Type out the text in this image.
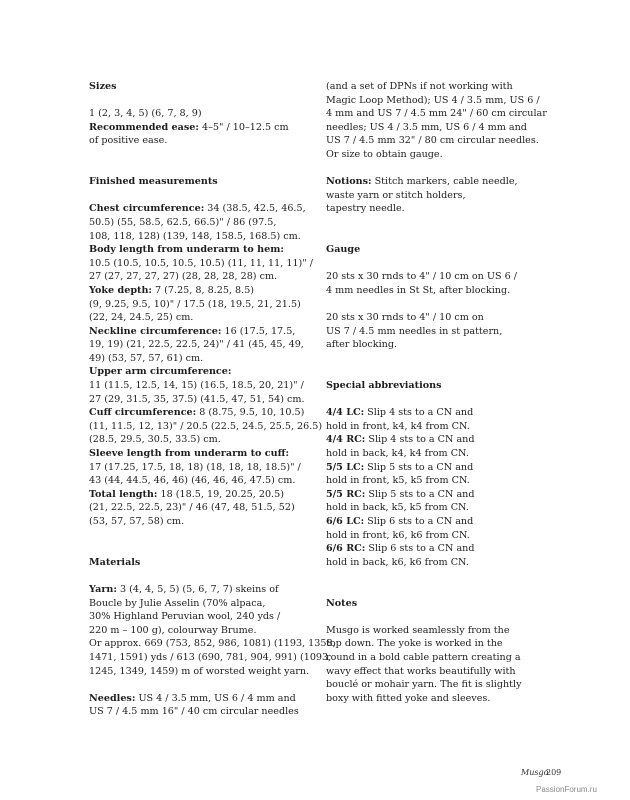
Sizes
1 (2, 3, 4, 5) (6, 7, 8, 9)
Recommended ease: 4–5" / 10–12.5 cm
of positive ease.
Finished measurements
Chest circumference: 34 (38.5, 42.5, 46.5,
50.5) (55, 58.5, 62.5, 66.5)" / 86 (97.5,
108, 118, 128) (139, 148, 158.5, 168.5) cm.
Body length from underarm to hem:
10.5 (10.5, 10.5, 10.5, 10.5) (11, 11, 11, 11)" /
27 (27, 27, 27, 27) (28, 28, 28, 28) cm.
Yoke depth: 7 (7.25, 8, 8.25, 8.5)
(9, 9.25, 9.5, 10)" / 17.5 (18, 19.5, 21, 21.5)
(22, 24, 24.5, 25) cm.
Neckline circumference: 16 (17.5, 17.5,
19, 19) (21, 22.5, 22.5, 24)" / 41 (45, 45, 49,
49) (53, 57, 57, 61) cm.
Upper arm circumference:
11 (11.5, 12.5, 14, 15) (16.5, 18.5, 20, 21)" /
27 (29, 31.5, 35, 37.5) (41.5, 47, 51, 54) cm.
Cuff circumference: 8 (8.75, 9.5, 10, 10.5)
(11, 11.5, 12, 13)" / 20.5 (22.5, 24.5, 25.5, 26.5)
(28.5, 29.5, 30.5, 33.5) cm.
Sleeve length from underarm to cuff:
17 (17.25, 17.5, 18, 18) (18, 18, 18, 18.5)" /
43 (44, 44.5, 46, 46) (46, 46, 46, 47.5) cm.
Total length: 18 (18.5, 19, 20.25, 20.5)
(21, 22.5, 22.5, 23)" / 46 (47, 48, 51.5, 52)
(53, 57, 57, 58) cm.
Materials
Yarn: 3 (4, 4, 5, 5) (5, 6, 7, 7) skeins of
Boucle by Julie Asselin (70% alpaca,
30% Highland Peruvian wool, 240 yds /
220 m – 100 g), colourway Brume.
Or approx. 669 (753, 852, 986, 1081) (1193, 1358,
1471, 1591) yds / 613 (690, 781, 904, 991) (1093,
1245, 1349, 1459) m of worsted weight yarn.
Needles: US 4 / 3.5 mm, US 6 / 4 mm and
US 7 / 4.5 mm 16" / 40 cm circular needles
(and a set of DPNs if not working with
Magic Loop Method); US 4 / 3.5 mm, US 6 /
4 mm and US 7 / 4.5 mm 24" / 60 cm circular
needles; US 4 / 3.5 mm, US 6 / 4 mm and
US 7 / 4.5 mm 32" / 80 cm circular needles.
Or size to obtain gauge.
Notions: Stitch markers, cable needle,
waste yarn or stitch holders,
tapestry needle.
Gauge
20 sts x 30 rnds to 4" / 10 cm on US 6 /
4 mm needles in St St, after blocking.
20 sts x 30 rnds to 4" / 10 cm on
US 7 / 4.5 mm needles in st pattern,
after blocking.
Special abbreviations
4/4 LC: Slip 4 sts to a CN and
hold in front, k4, k4 from CN.
4/4 RC: Slip 4 sts to a CN and
hold in back, k4, k4 from CN.
5/5 LC: Slip 5 sts to a CN and
hold in front, k5, k5 from CN.
5/5 RC: Slip 5 sts to a CN and
hold in back, k5, k5 from CN.
6/6 LC: Slip 6 sts to a CN and
hold in front, k6, k6 from CN.
6/6 RC: Slip 6 sts to a CN and
hold in back, k6, k6 from CN.
Notes
Musgo is worked seamlessly from the
top down. The yoke is worked in the
round in a bold cable pattern creating a
wavy effect that works beautifully with
bouclé or mohair yarn. The fit is slightly
boxy with fitted yoke and sleeves.
Musgo
209
PassionForum.ru
